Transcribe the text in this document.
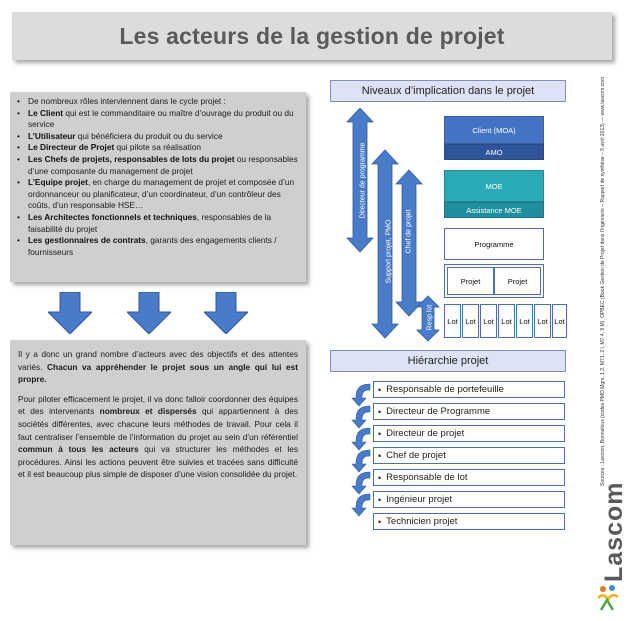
Les acteurs de la gestion de projet
• De nombreux rôles interviennent dans le cycle projet :
• Le Client qui est le commanditaire ou maître d’ouvrage du produit ou du service
• L’Utilisateur qui bénéficiera du produit ou du service
• Le Directeur de Projet qui pilote sa réalisation
• Les Chefs de projets, responsables de lots du projet ou responsables d’une composante du management de projet
• L’Equipe projet, en charge du management de projet et composée d’un ordonnanceur ou planificateur, d’un coordinateur, d’un contrôleur des coûts, d’un responsable HSE…
• Les Architectes fonctionnels et techniques, responsables de la faisabilité du projet
• Les gestionnaires de contrats, garants des engagements clients / fournisseurs

Il y a donc un grand nombre d’acteurs avec des objectifs et des attentes variés. Chacun va appréhender le projet sous un angle qui lui est propre.

Pour piloter efficacement le projet, il va donc falloir coordonner des équipes et des intervenants nombreux et dispersés qui appartiennent à des sociétés différentes, avec chacune leurs méthodes de travail. Pour cela il faut centraliser l’ensemble de l’information du projet au sein d’un référentiel commun à tous les acteurs qui va structurer les méthodes et les procédures. Ainsi les actions peuvent être suivies et tracées sans difficulté et il est beaucoup plus simple de disposer d’une vision consolidée du projet.

Niveaux d’implication dans le projet
Directeur de programme
Support projet, PMO Chef de projet
Resp lot
Client (MOA)
AMO
MOE
Assistance MOE
Programme
Projet	Projet
Lot	Lot	Lot	Lot	Lot	Lot Lot
Hiérarchie projet
• Responsable de portefeuille
• Directeur de Programme
• Directeur de projet
• Chef de projet
• Responsable de lot
• Ingénieur projet
• Technicien projet
Sources : Lascom, Bonnafous (codes PMO Mgm, 1,2, M71, 2 l, M7 4, 9 M), OPBEC (Book Gestion de Projet dans l’Ingénierie – Rapport de synthèse – 9 avril 2013) — www.lascom.com
Lascom
